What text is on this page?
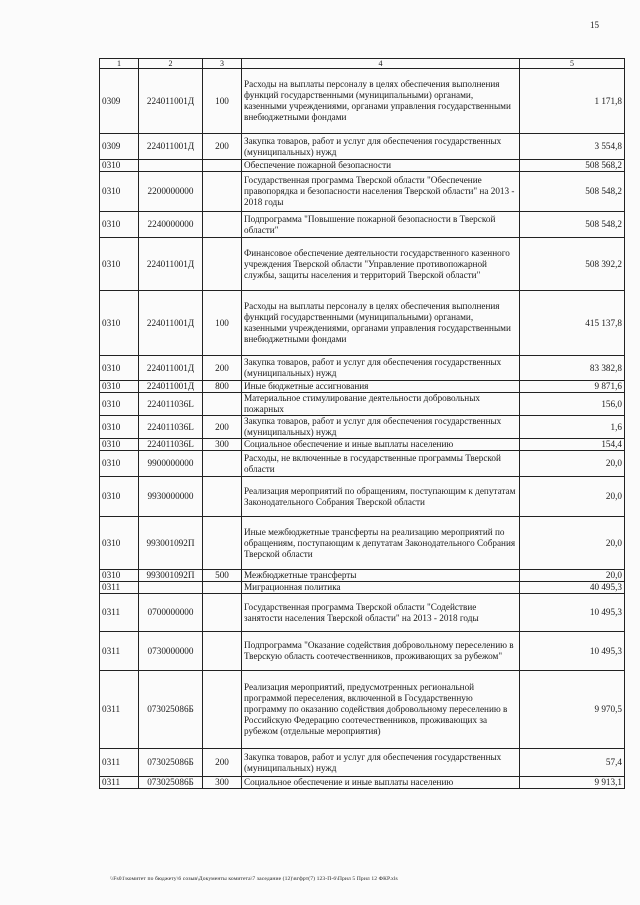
15
1	2	3	4	5
0309	224011001Д	100	Расходы на выплаты персоналу в целях обеспечения выполнения функций государственными (муниципальными) органами, казенными учреждениями, органами управления государственными внебюджетными фондами	1 171,8
0309	224011001Д	200	Закупка товаров, работ и услуг для обеспечения государственных (муниципальных) нужд	3 554,8
0310			Обеспечение пожарной безопасности	508 568,2
0310	2200000000		Государственная программа Тверской области "Обеспечение правопорядка и безопасности населения Тверской области" на 2013 - 2018 годы	508 548,2
0310	2240000000		Подпрограмма "Повышение пожарной безопасности в Тверской области"	508 548,2
0310	224011001Д		Финансовое обеспечение деятельности государственного казенного учреждения Тверской области "Управление противопожарной службы, защиты населения и территорий Тверской области"	508 392,2
0310	224011001Д	100	Расходы на выплаты персоналу в целях обеспечения выполнения функций государственными (муниципальными) органами, казенными учреждениями, органами управления государственными внебюджетными фондами	415 137,8
0310	224011001Д	200	Закупка товаров, работ и услуг для обеспечения государственных (муниципальных) нужд	83 382,8
0310	224011001Д	800	Иные бюджетные ассигнования	9 871,6
0310	224011036L		Материальное стимулирование деятельности добровольных пожарных	156,0
0310	224011036L	200	Закупка товаров, работ и услуг для обеспечения государственных (муниципальных) нужд	1,6
0310	224011036L	300	Социальное обеспечение и иные выплаты населению	154,4
0310	9900000000		Расходы, не включенные в государственные программы Тверской области	20,0
0310	9930000000		Реализация мероприятий по обращениям, поступающим к депутатам Законодательного Собрания Тверской области	20,0
0310	993001092П		Иные межбюджетные трансферты на реализацию мероприятий по обращениям, поступающим к депутатам Законодательного Собрания Тверской области	20,0
0310	993001092П	500	Межбюджетные трансферты	20,0
0311			Миграционная политика	40 495,3
0311	0700000000		Государственная программа Тверской области "Содействие занятости населения Тверской области" на 2013 - 2018 годы	10 495,3
0311	0730000000		Подпрограмма "Оказание содействия добровольному переселению в Тверскую область соотечественников, проживающих за рубежом"	10 495,3
0311	073025086Б		Реализация мероприятий, предусмотренных региональной программой переселения, включенной в Государственную программу по оказанию содействия добровольному переселению в Российскую Федерацию соотечественников, проживающих за рубежом (отдельные мероприятия)	9 970,5
0311	073025086Б	200	Закупка товаров, работ и услуг для обеспечения государственных (муниципальных) нужд	57,4
0311	073025086Б	300	Социальное обеспечение и иные выплаты населению	9 913,1
\\Fs01\комитет по бюджету\6 созыв\Документы комитета\7 заседание (12)\вгфрт(7) 123-П-6\Прил 5 Прил 12 ФКР.xls
